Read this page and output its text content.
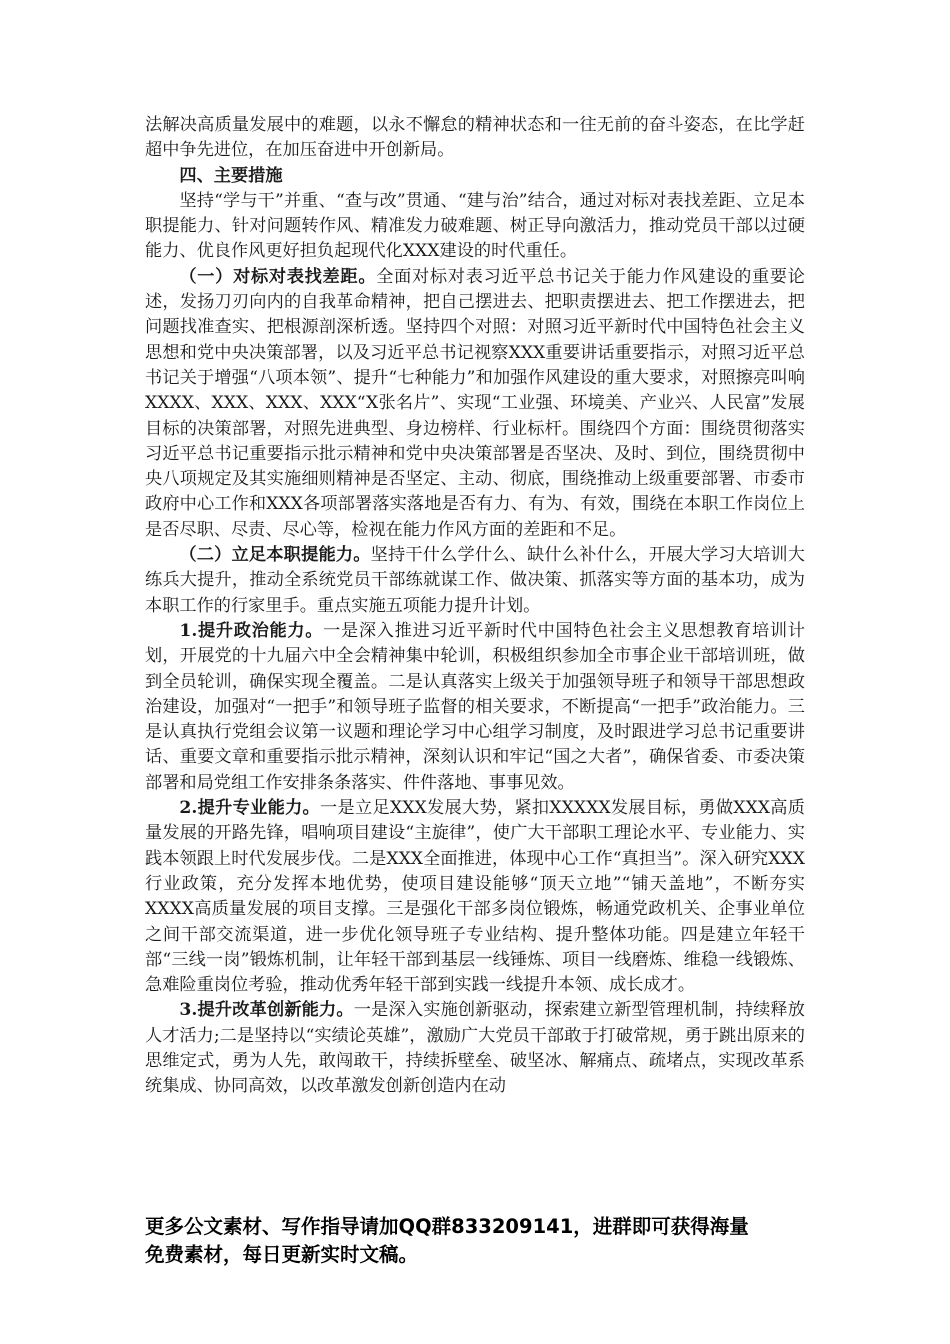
法解决高质量发展中的难题，以永不懈怠的精神状态和一往无前的奋斗姿态，在比学赶超中争先进位，在加压奋进中开创新局。

四、主要措施

坚持“学与干”并重、“查与改”贯通、“建与治”结合，通过对标对表找差距、立足本职提能力、针对问题转作风、精准发力破难题、树正导向激活力，推动党员干部以过硬能力、优良作风更好担负起现代化XXX建设的时代重任。

（一）对标对表找差距。全面对标对表习近平总书记关于能力作风建设的重要论述，发扬刀刃向内的自我革命精神，把自己摆进去、把职责摆进去、把工作摆进去，把问题找准查实、把根源剖深析透。坚持四个对照：对照习近平新时代中国特色社会主义思想和党中央决策部署，以及习近平总书记视察XXX重要讲话重要指示，对照习近平总书记关于增强“八项本领”、提升“七种能力”和加强作风建设的重大要求，对照擦亮叫响XXXX、XXX、XXX、XXX“X张名片”、实现“工业强、环境美、产业兴、人民富”发展目标的决策部署，对照先进典型、身边榜样、行业标杆。围绕四个方面：围绕贯彻落实习近平总书记重要指示批示精神和党中央决策部署是否坚决、及时、到位，围绕贯彻中央八项规定及其实施细则精神是否坚定、主动、彻底，围绕推动上级重要部署、市委市政府中心工作和XXX各项部署落实落地是否有力、有为、有效，围绕在本职工作岗位上是否尽职、尽责、尽心等，检视在能力作风方面的差距和不足。

（二）立足本职提能力。坚持干什么学什么、缺什么补什么，开展大学习大培训大练兵大提升，推动全系统党员干部练就谋工作、做决策、抓落实等方面的基本功，成为本职工作的行家里手。重点实施五项能力提升计划。

1.提升政治能力。一是深入推进习近平新时代中国特色社会主义思想教育培训计划，开展党的十九届六中全会精神集中轮训，积极组织参加全市事企业干部培训班，做到全员轮训，确保实现全覆盖。二是认真落实上级关于加强领导班子和领导干部思想政治建设，加强对“一把手”和领导班子监督的相关要求，不断提高“一把手”政治能力。三是认真执行党组会议第一议题和理论学习中心组学习制度，及时跟进学习总书记重要讲话、重要文章和重要指示批示精神，深刻认识和牢记“国之大者”，确保省委、市委决策部署和局党组工作安排条条落实、件件落地、事事见效。

2.提升专业能力。一是立足XXX发展大势，紧扣XXXXX发展目标，勇做XXX高质量发展的开路先锋，唱响项目建设“主旋律”，使广大干部职工理论水平、专业能力、实践本领跟上时代发展步伐。二是XXX全面推进，体现中心工作“真担当”。深入研究XXX行业政策，充分发挥本地优势，使项目建设能够“顶天立地”“铺天盖地”，不断夯实XXXX高质量发展的项目支撑。三是强化干部多岗位锻炼，畅通党政机关、企事业单位之间干部交流渠道，进一步优化领导班子专业结构、提升整体功能。四是建立年轻干部“三线一岗”锻炼机制，让年轻干部到基层一线锤炼、项目一线磨炼、维稳一线锻炼、急难险重岗位考验，推动优秀年轻干部到实践一线提升本领、成长成才。

3.提升改革创新能力。一是深入实施创新驱动，探索建立新型管理机制，持续释放人才活力;二是坚持以“实绩论英雄”，激励广大党员干部敢于打破常规，勇于跳出原来的思维定式，勇为人先，敢闯敢干，持续拆壁垒、破坚冰、解痛点、疏堵点，实现改革系统集成、协同高效，以改革激发创新创造内在动

更多公文素材、写作指导请加QQ群833209141，进群即可获得海量

免费素材，每日更新实时文稿。
